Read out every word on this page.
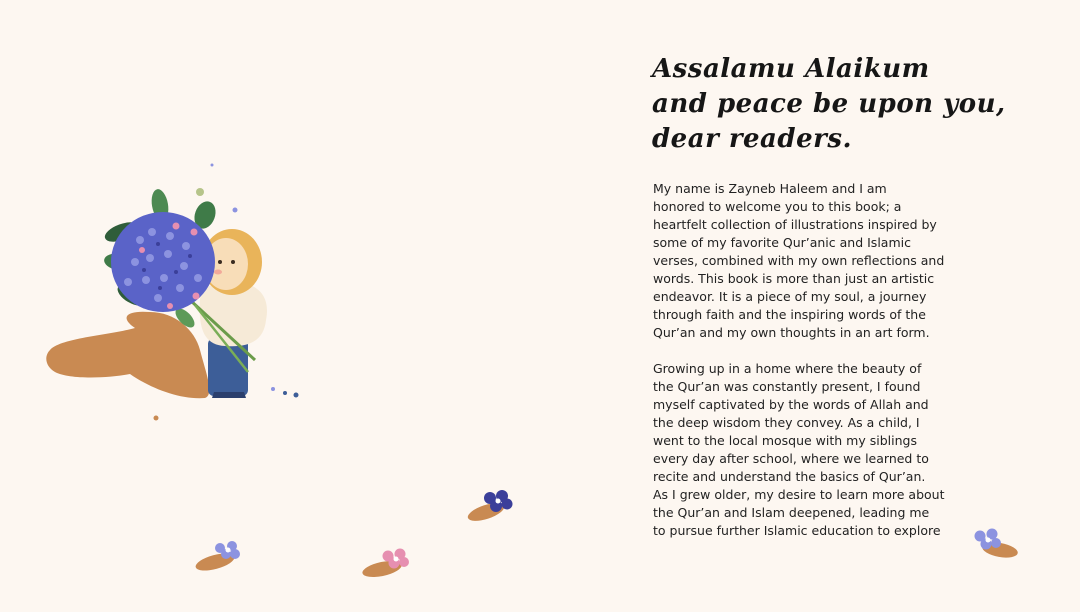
Assalamu Alaikum
and peace be upon you,
dear readers.

My name is Zayneb Haleem and I am
honored to welcome you to this book; a
heartfelt collection of illustrations inspired by
some of my favorite Qur’anic and Islamic
verses, combined with my own reflections and
words. This book is more than just an artistic
endeavor. It is a piece of my soul, a journey
through faith and the inspiring words of the
Qur’an and my own thoughts in an art form.

Growing up in a home where the beauty of
the Qur’an was constantly present, I found
myself captivated by the words of Allah and
the deep wisdom they convey. As a child, I
went to the local mosque with my siblings
every day after school, where we learned to
recite and understand the basics of Qur’an.
As I grew older, my desire to learn more about
the Qur’an and Islam deepened, leading me
to pursue further Islamic education to explore
